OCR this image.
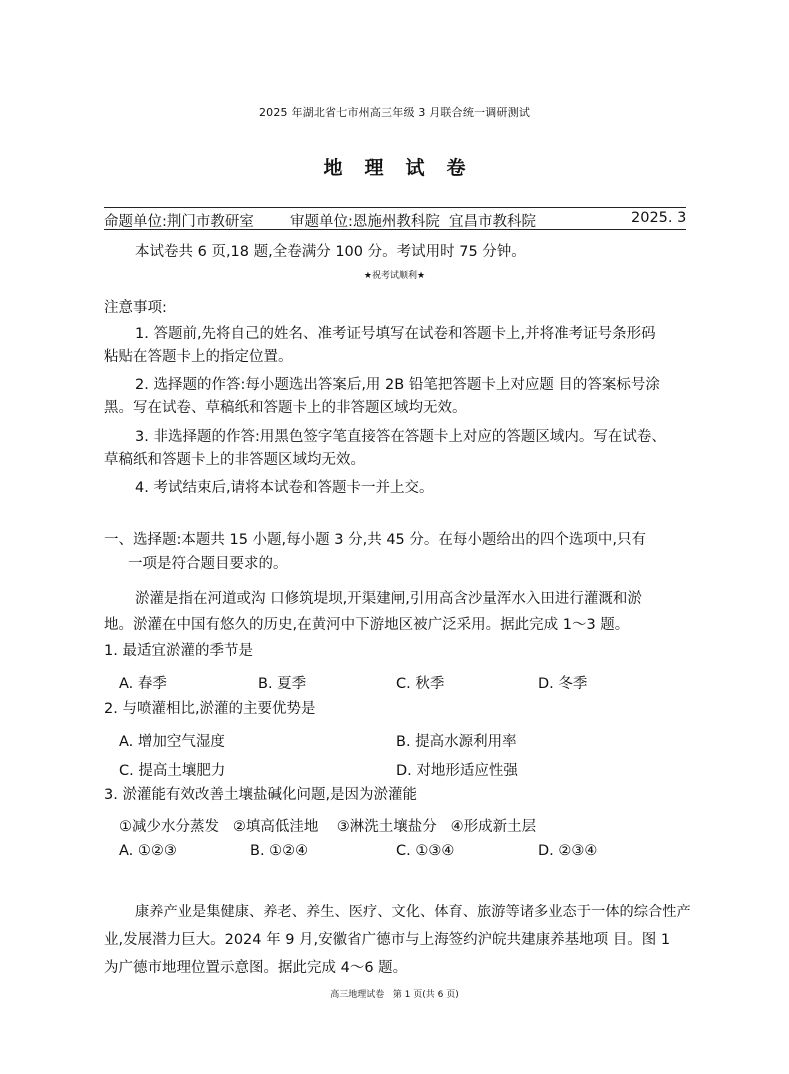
2025 年湖北省七市州高三年级 3 月联合统一调研测试
地理试卷
命题单位:荆门市教研室 审题单位:恩施州教科院 宜昌市教科院	2025. 3
本试卷共 6 页,18 题,全卷满分 100 分。考试用时 75 分钟。
★祝考试顺利★
注意事项:
1. 答题前,先将自己的姓名、准考证号填写在试卷和答题卡上,并将准考证号条形码
粘贴在答题卡上的指定位置。
2. 选择题的作答:每小题选出答案后,用 2B 铅笔把答题卡上对应题 目的答案标号涂
黑。写在试卷、草稿纸和答题卡上的非答题区域均无效。
3. 非选择题的作答:用黑色签字笔直接答在答题卡上对应的答题区域内。写在试卷、
草稿纸和答题卡上的非答题区域均无效。
4. 考试结束后,请将本试卷和答题卡一并上交。
一、选择题:本题共 15 小题,每小题 3 分,共 45 分。在每小题给出的四个选项中,只有
一项是符合题目要求的。
淤灌是指在河道或沟 口修筑堤坝,开渠建闸,引用高含沙量浑水入田进行灌溉和淤
地。淤灌在中国有悠久的历史,在黄河中下游地区被广泛采用。据此完成 1～3 题。
1. 最适宜淤灌的季节是
A. 春季	B. 夏季	C. 秋季	D. 冬季
2. 与喷灌相比,淤灌的主要优势是
A. 增加空气湿度	B. 提高水源利用率
C. 提高土壤肥力	D. 对地形适应性强
3. 淤灌能有效改善土壤盐碱化问题,是因为淤灌能
①减少水分蒸发   ②填高低洼地    ③淋洗土壤盐分   ④形成新土层
A. ①②③	B. ①②④	C. ①③④	D. ②③④
康养产业是集健康、养老、养生、医疗、文化、体育、旅游等诸多业态于一体的综合性产
业,发展潜力巨大。2024 年 9 月,安徽省广德市与上海签约沪皖共建康养基地项 目。图 1
为广德市地理位置示意图。据此完成 4～6 题。
高三地理试卷   第 1 页(共 6 页)
